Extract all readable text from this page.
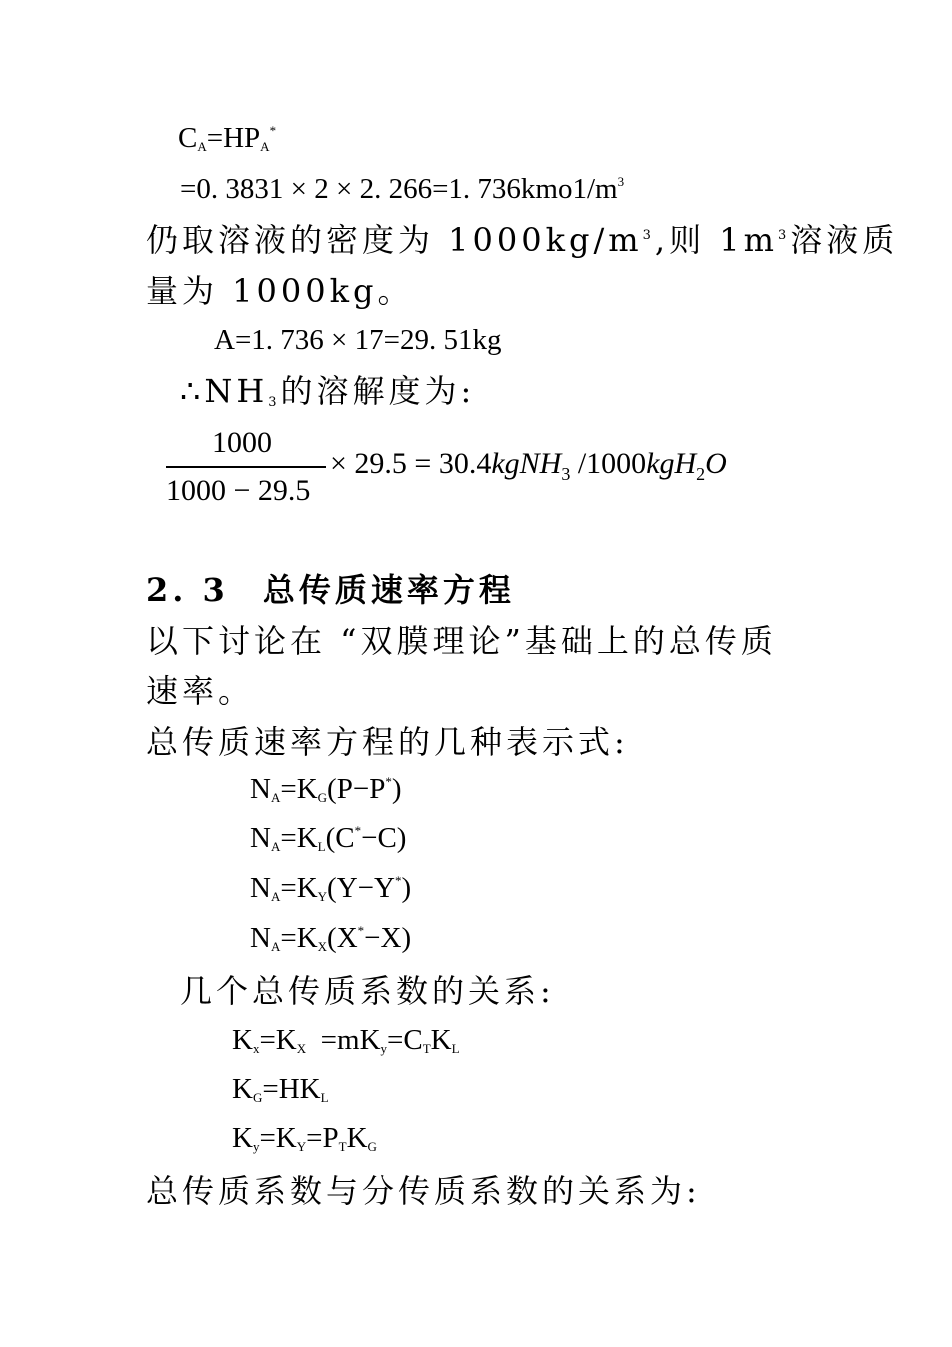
$C_A=HP_A^*$
=0. 3831 × 2 × 2. 266=1. $736kmo1/m^3$
仍取溶液的密度为 $1000kg/m^3$,则 $1m^3$溶液质
量为 1000kg。
A=1. 736 × 17=29. 51kg
$\therefore NH_3$的溶解度为:
1000
1000 − 29.5
× 29.5 = 30.4kgNH$_3$ /1000kgH$_2$O
2. 3 总传质速率方程
以下讨论在 “双膜理论”基础上的总传质
速率。
总传质速率方程的几种表示式:
$N_A=K_G(P-P^*)$
$N_A=K_L(C^*-C)$
$N_A=K_Y(Y-Y^*)$
$N_A=K_X(X^*-X)$
几个总传质系数的关系:
$K_x=K_X =mK_y=C_TK_L$
$K_G=HK_L$
$K_y=K_Y=P_TK_G$
总传质系数与分传质系数的关系为:
